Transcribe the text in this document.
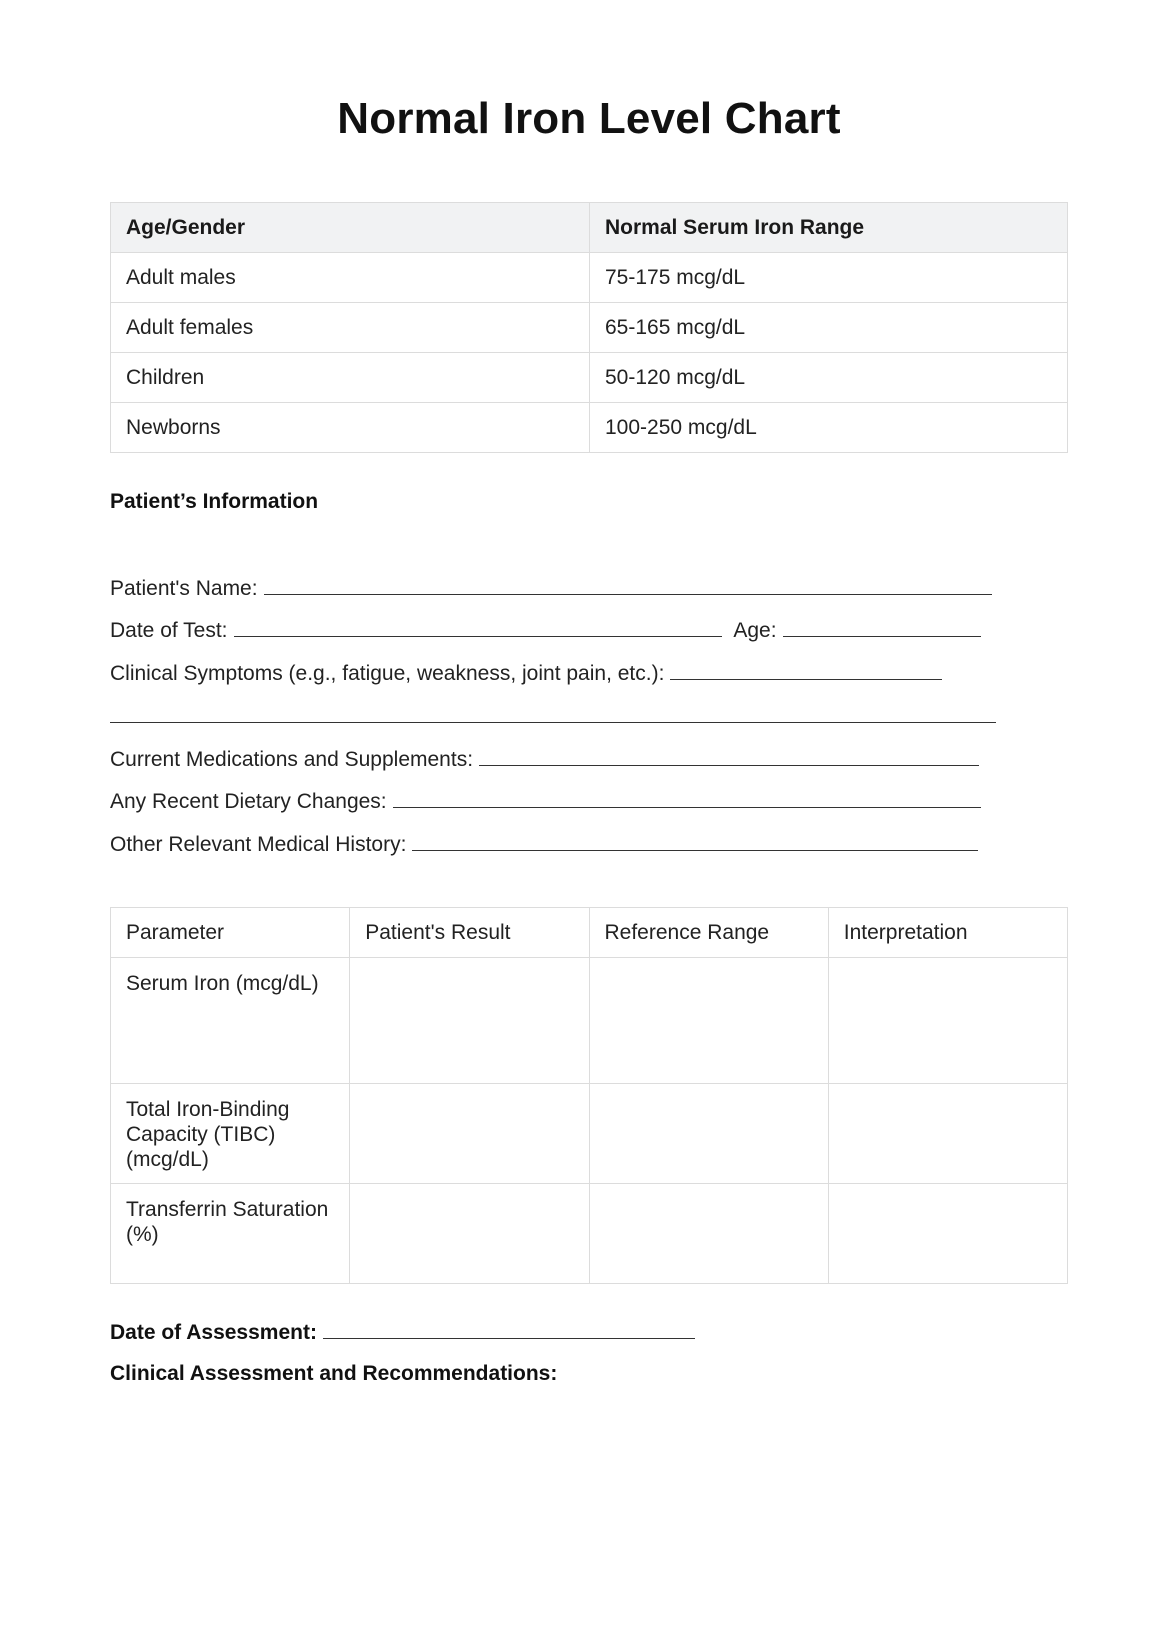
Normal Iron Level Chart
Age/Gender	Normal Serum Iron Range
Adult males	75-175 mcg/dL
Adult females	65-165 mcg/dL
Children	50-120 mcg/dL
Newborns	100-250 mcg/dL
Patient’s Information
Patient's Name:
Date of Test:	Age:
Clinical Symptoms (e.g., fatigue, weakness, joint pain, etc.):
Current Medications and Supplements:
Any Recent Dietary Changes:
Other Relevant Medical History:
Parameter	Patient's Result	Reference Range	Interpretation
Serum Iron (mcg/dL)			
Total Iron-Binding Capacity (TIBC) (mcg/dL)			
Transferrin Saturation (%)			
Date of Assessment:
Clinical Assessment and Recommendations:
